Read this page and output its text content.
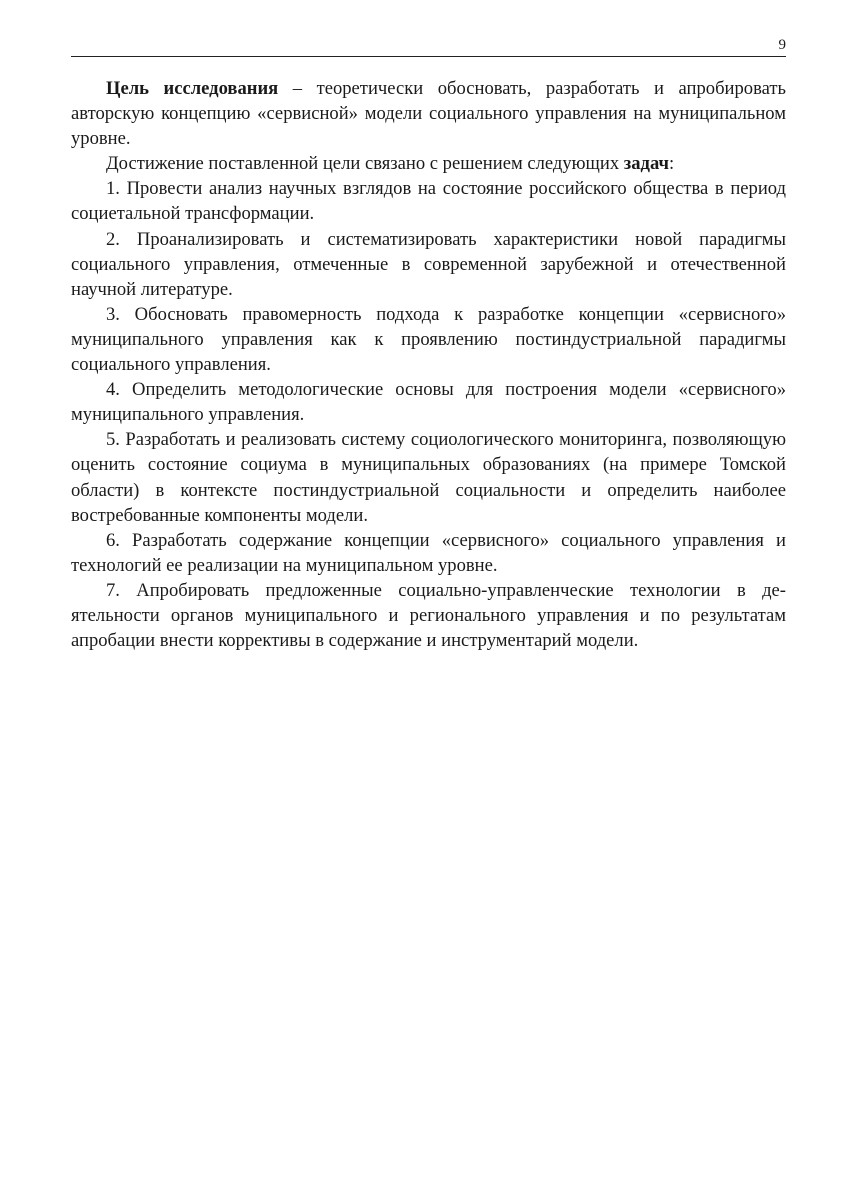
9

Цель исследования – теоретически обосновать, разработать и апробировать авторскую концепцию «сервисной» модели социального управления на муниципальном уровне.

Достижение поставленной цели связано с решением следующих задач:

1. Провести анализ научных взглядов на состояние российского общества в период социетальной трансформации.

2. Проанализировать и систематизировать характеристики новой парадигмы социального управления, отмеченные в современной зарубежной и отечественной научной литературе.

3. Обосновать правомерность подхода к разработке концепции «сервисного» муниципального управления как к проявлению постиндустриальной парадигмы социального управления.

4. Определить методологические основы для построения модели «сервисного» муниципального управления.

5. Разработать и реализовать систему социологического мониторинга, позволяющую оценить состояние социума в муниципальных образованиях (на примере Томской области) в контексте постиндустриальной социальности и определить наиболее востребованные компоненты модели.

6. Разработать содержание концепции «сервисного» социального управления и технологий ее реализации на муниципальном уровне.

7. Апробировать предложенные социально-управленческие технологии в деятельности органов муниципального и регионального управления и по результатам апробации внести коррективы в содержание и инструментарий модели.
